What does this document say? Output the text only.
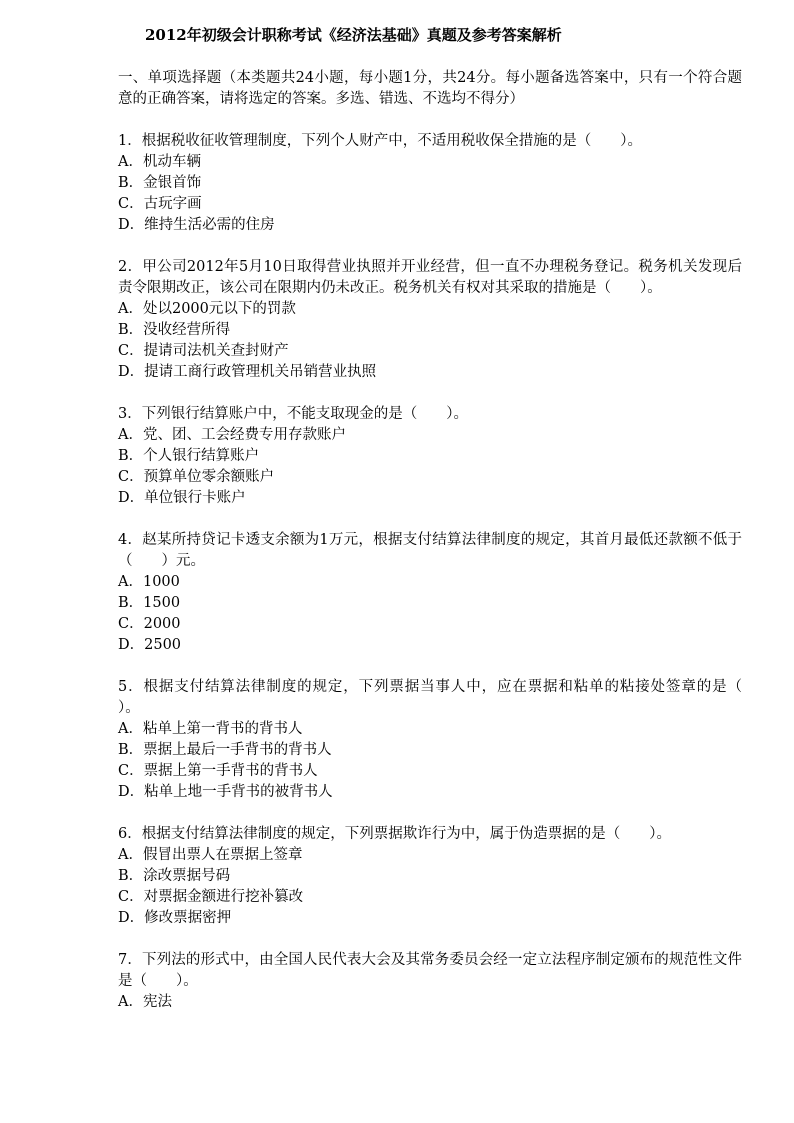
2012年初级会计职称考试《经济法基础》真题及参考答案解析

一、单项选择题（本类题共24小题，每小题1分，共24分。每小题备选答案中，只有一个符合题意的正确答案，请将选定的答案。多选、错选、不选均不得分）

1．根据税收征收管理制度，下列个人财产中，不适用税收保全措施的是（　　）。

A．机动车辆

B．金银首饰

C．古玩字画

D．维持生活必需的住房

2．甲公司2012年5月10日取得营业执照并开业经营，但一直不办理税务登记。税务机关发现后责令限期改正，该公司在限期内仍未改正。税务机关有权对其采取的措施是（　　）。

A．处以2000元以下的罚款

B．没收经营所得

C．提请司法机关查封财产

D．提请工商行政管理机关吊销营业执照

3．下列银行结算账户中，不能支取现金的是（　　）。

A．党、团、工会经费专用存款账户

B．个人银行结算账户

C．预算单位零余额账户

D．单位银行卡账户

4．赵某所持贷记卡透支余额为1万元，根据支付结算法律制度的规定，其首月最低还款额不低于（　　）元。

A．1000

B．1500

C．2000

D．2500

5．根据支付结算法律制度的规定，下列票据当事人中，应在票据和粘单的粘接处签章的是（　　）。

A．粘单上第一背书的背书人

B．票据上最后一手背书的背书人

C．票据上第一手背书的背书人

D．粘单上地一手背书的被背书人

6．根据支付结算法律制度的规定，下列票据欺诈行为中，属于伪造票据的是（　　）。

A．假冒出票人在票据上签章

B．涂改票据号码

C．对票据金额进行挖补篡改

D．修改票据密押

7．下列法的形式中，由全国人民代表大会及其常务委员会经一定立法程序制定颁布的规范性文件是（　　）。

A．宪法
